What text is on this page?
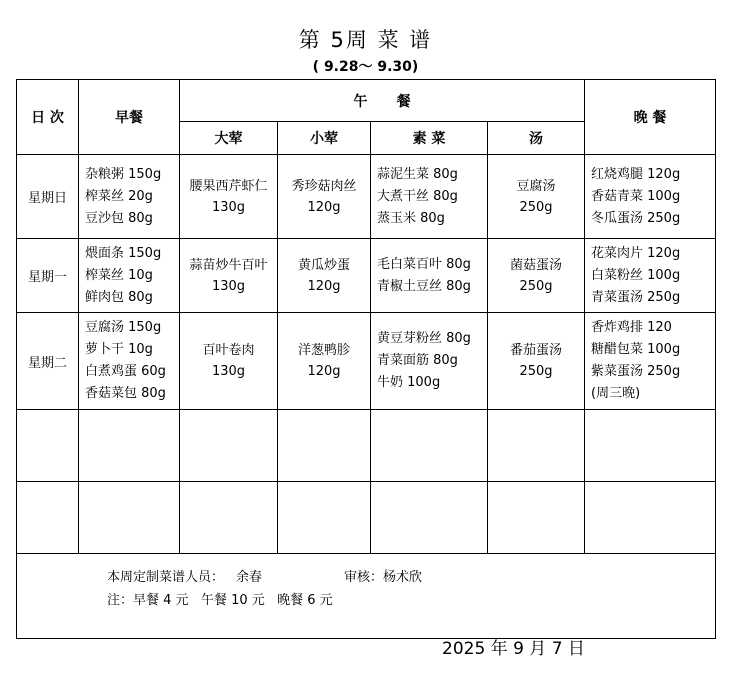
第 5周 菜 谱
( 9.28～ 9.30)
日 次	早餐	午      餐				晚 餐
		大荤	小荤	素 菜	汤	
星期日	杂粮粥 150g
榨菜丝 20g
豆沙包 80g	腰果西芹虾仁
130g	秀珍菇肉丝
120g	蒜泥生菜 80g
大煮干丝 80g
蒸玉米 80g	豆腐汤
250g	红烧鸡腿 120g
香菇青菜 100g
冬瓜蛋汤 250g

星期一	煨面条 150g
榨菜丝 10g
鲜肉包 80g	蒜苗炒牛百叶
130g	黄瓜炒蛋
120g	毛白菜百叶 80g
青椒土豆丝 80g	菌菇蛋汤
250g	花菜肉片 120g
白菜粉丝 100g
青菜蛋汤 250g

星期二	豆腐汤 150g
萝卜干 10g
白煮鸡蛋 60g
香菇菜包 80g	百叶卷肉
130g	洋葱鸭胗
120g	黄豆芽粉丝 80g
青菜面筋 80g
牛奶 100g	番茄蛋汤
250g	香炸鸡排 120
糖醋包菜 100g
紫菜蛋汤 250g
(周三晚)

本周定制菜谱人员： 余春 审核：杨术欣
注：早餐 4 元   午餐 10 元   晚餐 6 元						
2025 年 9 月 7 日
